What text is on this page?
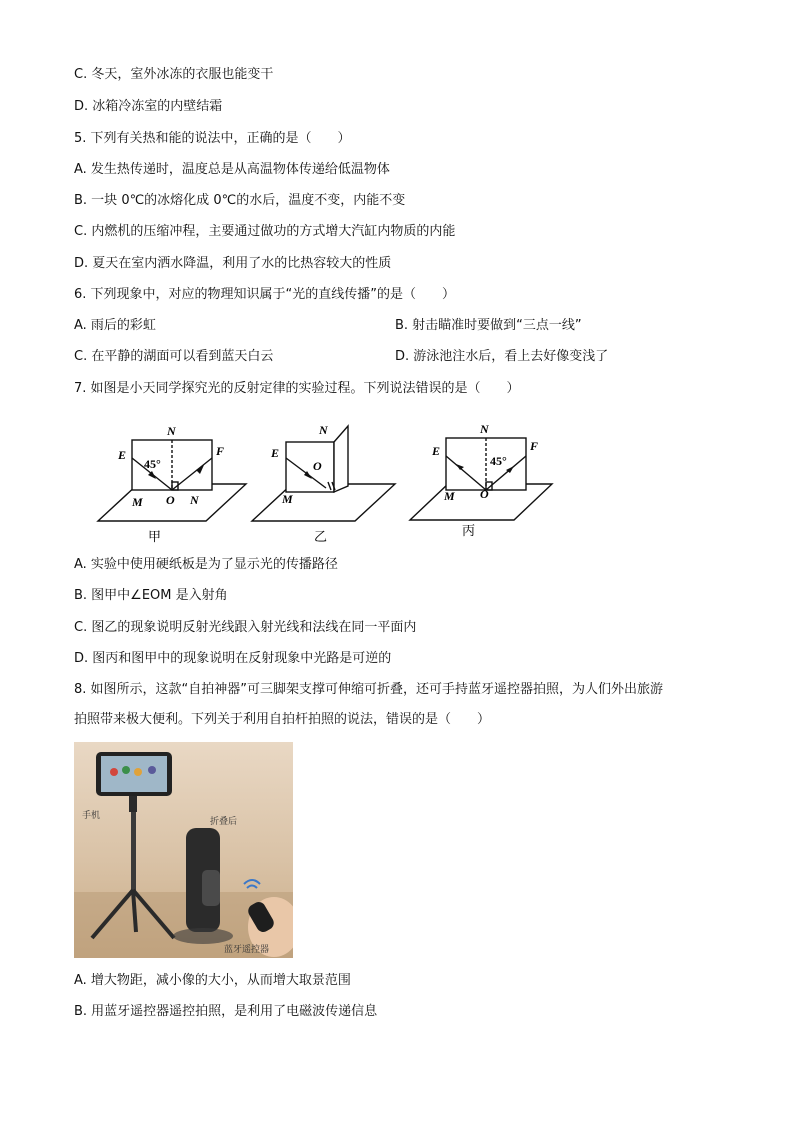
C. 冬天，室外冰冻的衣服也能变干
D. 冰箱冷冻室的内壁结霜
5. 下列有关热和能的说法中，正确的是（　　）
A. 发生热传递时，温度总是从高温物体传递给低温物体
B. 一块 0℃的冰熔化成 0℃的水后，温度不变，内能不变
C. 内燃机的压缩冲程，主要通过做功的方式增大汽缸内物质的内能
D. 夏天在室内洒水降温，利用了水的比热容较大的性质
6. 下列现象中，对应的物理知识属于“光的直线传播”的是（　　）
A. 雨后的彩虹	B. 射击瞄准时要做到“三点一线”
C. 在平静的湖面可以看到蓝天白云	D. 游泳池注水后，看上去好像变浅了
7. 如图是小天同学探究光的反射定律的实验过程。下列说法错误的是（　　）
E
N
F
45°
O
M	N
甲
N
E
O
M
乙
N
E	F
45°
O
M
丙
A. 实验中使用硬纸板是为了显示光的传播路径
B. 图甲中∠EOM 是入射角
C. 图乙的现象说明反射光线跟入射光线和法线在同一平面内
D. 图丙和图甲中的现象说明在反射现象中光路是可逆的
8. 如图所示，这款“自拍神器”可三脚架支撑可伸缩可折叠，还可手持蓝牙遥控器拍照，为人们外出旅游
拍照带来极大便利。下列关于利用自拍杆拍照的说法，错误的是（　　）
手机
折叠后
蓝牙遥控器
A. 增大物距，减小像的大小，从而增大取景范围
B. 用蓝牙遥控器遥控拍照，是利用了电磁波传递信息
